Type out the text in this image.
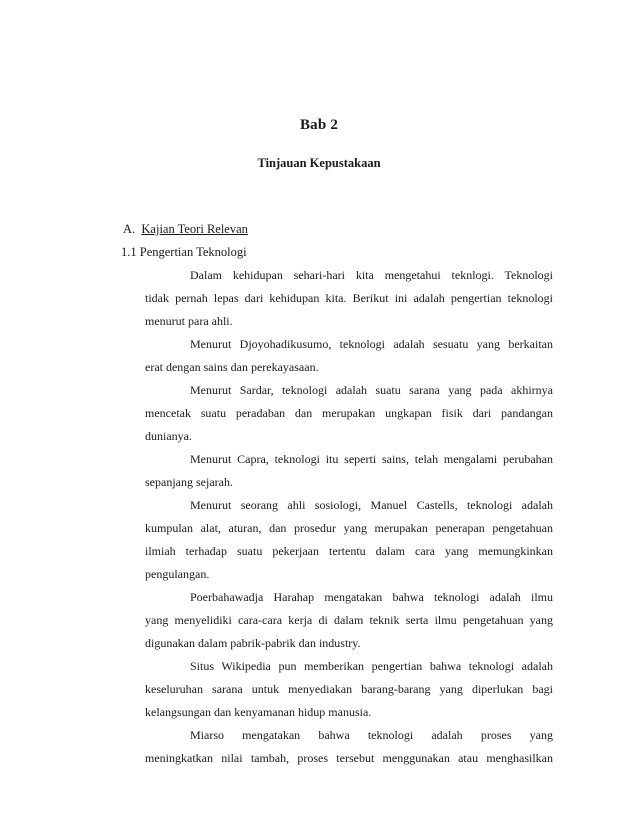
Bab 2
Tinjauan Kepustakaan
A. Kajian Teori Relevan
1.1 Pengertian Teknologi
Dalam kehidupan sehari-hari kita mengetahui teknlogi. Teknologi
tidak pernah lepas dari kehidupan kita. Berikut ini adalah pengertian teknologi
menurut para ahli.
Menurut Djoyohadikusumo, teknologi adalah sesuatu yang berkaitan
erat dengan sains dan perekayasaan.
Menurut Sardar, teknologi adalah suatu sarana yang pada akhirnya
mencetak suatu peradaban dan merupakan ungkapan fisik dari pandangan
dunianya.
Menurut Capra, teknologi itu seperti sains, telah mengalami perubahan
sepanjang sejarah.
Menurut seorang ahli sosiologi, Manuel Castells, teknologi adalah
kumpulan alat, aturan, dan prosedur yang merupakan penerapan pengetahuan
ilmiah terhadap suatu pekerjaan tertentu dalam cara yang memungkinkan
pengulangan.
Poerbahawadja Harahap mengatakan bahwa teknologi adalah ilmu
yang menyelidiki cara-cara kerja di dalam teknik serta ilmu pengetahuan yang
digunakan dalam pabrik-pabrik dan industry.
Situs Wikipedia pun memberikan pengertian bahwa teknologi adalah
keseluruhan sarana untuk menyediakan barang-barang yang diperlukan bagi
kelangsungan dan kenyamanan hidup manusia.
Miarso mengatakan bahwa teknologi adalah proses yang
meningkatkan nilai tambah, proses tersebut menggunakan atau menghasilkan
